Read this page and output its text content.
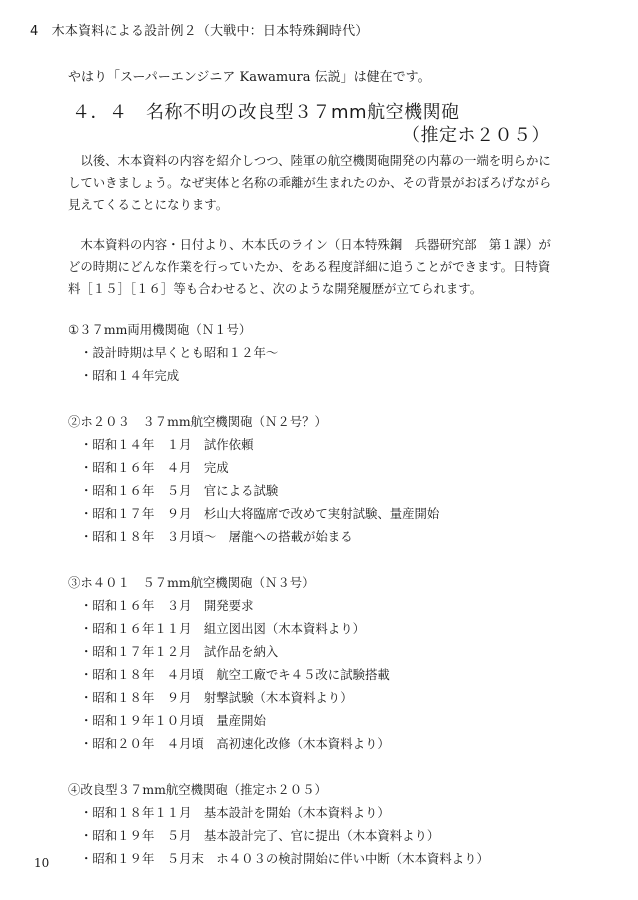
4　木本資料による設計例２（大戦中：日本特殊鋼時代）
やはり「スーパーエンジニア Kawamura 伝説」は健在です。
４．４　名称不明の改良型３７mm航空機関砲
（推定ホ２０５）

　以後、木本資料の内容を紹介しつつ、陸軍の航空機関砲開発の内幕の一端を明らかに

していきましょう。なぜ実体と名称の乖離が生まれたのか、その背景がおぼろげながら

見えてくることになります。

　木本資料の内容・日付より、木本氏のライン（日本特殊鋼　兵器研究部　第１課）が

どの時期にどんな作業を行っていたか、をある程度詳細に追うことができます。日特資

料［１５］［１６］等も合わせると、次のような開発履歴が立てられます。

①３７mm両用機関砲（Ｎ１号）
・設計時期は早くとも昭和１２年〜
・昭和１４年完成
②ホ２０３　３７mm航空機関砲（Ｎ２号？）
・昭和１４年　１月　試作依頼
・昭和１６年　４月　完成
・昭和１６年　５月　官による試験
・昭和１７年　９月　杉山大将臨席で改めて実射試験、量産開始
・昭和１８年　３月頃〜　屠龍への搭載が始まる
③ホ４０１　５７mm航空機関砲（Ｎ３号）
・昭和１６年　３月　開発要求
・昭和１６年１１月　組立図出図（木本資料より）
・昭和１７年１２月　試作品を納入
・昭和１８年　４月頃　航空工廠でキ４５改に試験搭載
・昭和１８年　９月　射撃試験（木本資料より）
・昭和１９年１０月頃　量産開始
・昭和２０年　４月頃　高初速化改修（木本資料より）
④改良型３７mm航空機関砲（推定ホ２０５）
・昭和１８年１１月　基本設計を開始（木本資料より）
・昭和１９年　５月　基本設計完了、官に提出（木本資料より）
・昭和１９年　５月末　ホ４０３の検討開始に伴い中断（木本資料より）
10
